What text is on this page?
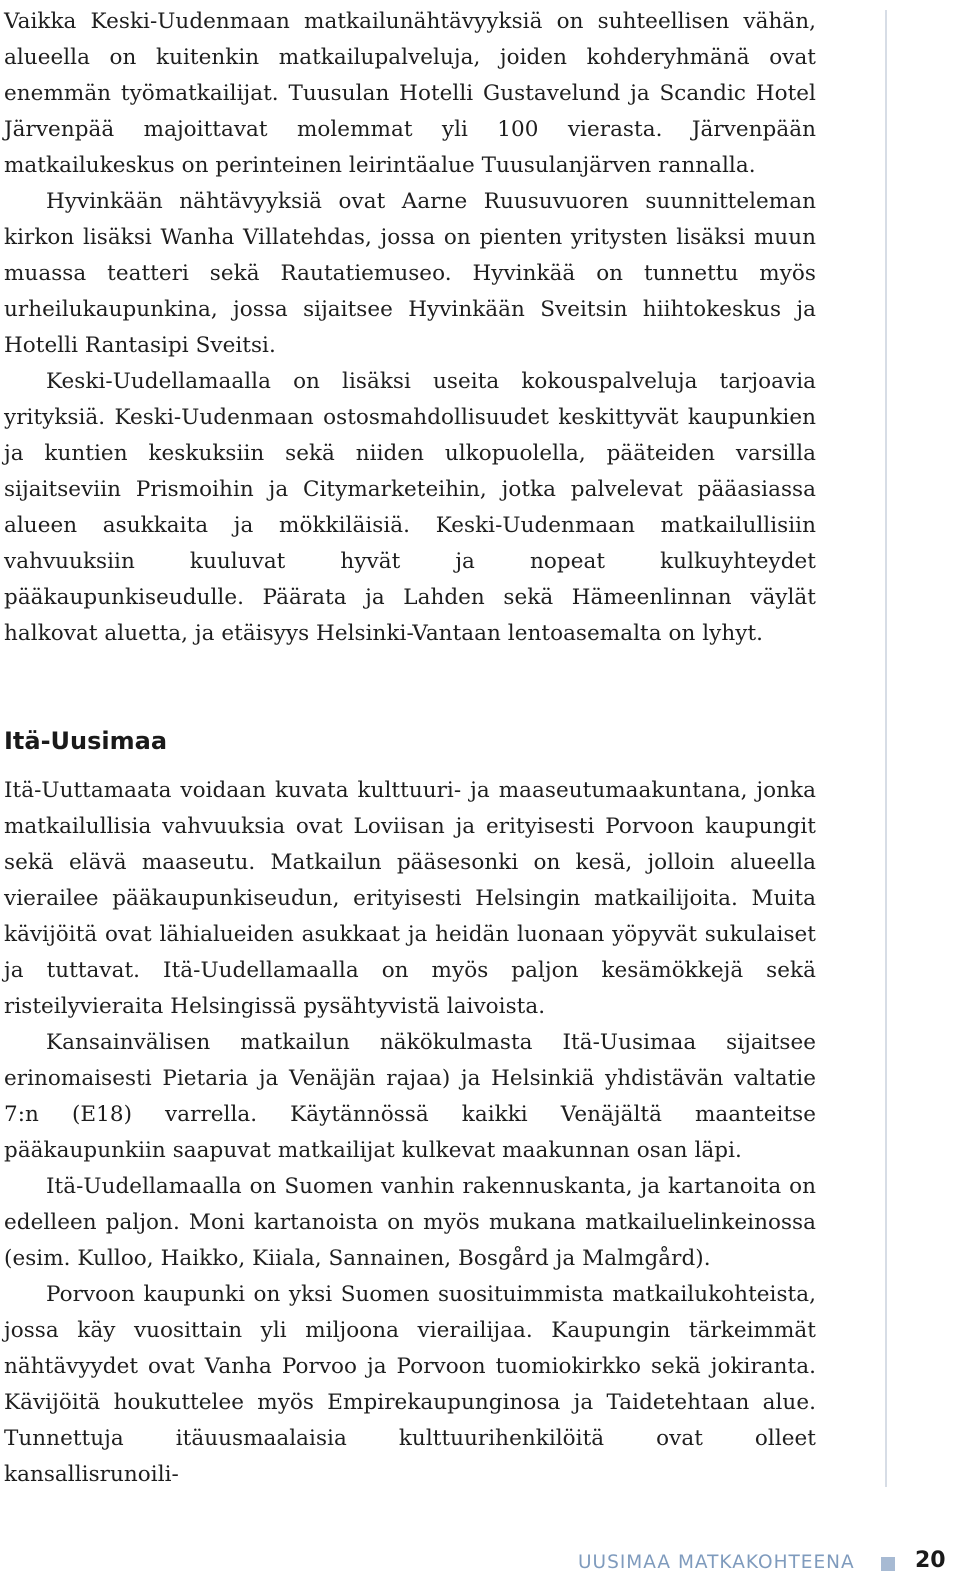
Vaikka Keski-Uudenmaan matkailunähtävyyksiä on suhteellisen vähän, alueella on kuitenkin matkailupalveluja, joiden kohderyhmänä ovat enemmän työmatkailijat. Tuusulan Hotelli Gustavelund ja Scandic Hotel Järvenpää majoittavat molemmat yli 100 vierasta. Järvenpään matkailukeskus on perinteinen leirintäalue Tuusulanjärven rannalla.

Hyvinkään nähtävyyksiä ovat Aarne Ruusuvuoren suunnitteleman kirkon lisäksi Wanha Villatehdas, jossa on pienten yritysten lisäksi muun muassa teatteri sekä Rautatiemuseo. Hyvinkää on tunnettu myös urheilukaupunkina, jossa sijaitsee Hyvinkään Sveitsin hiihtokeskus ja Hotelli Rantasipi Sveitsi.

Keski-Uudellamaalla on lisäksi useita kokouspalveluja tarjoavia yrityksiä. Keski-Uudenmaan ostosmahdollisuudet keskittyvät kaupunkien ja kuntien keskuksiin sekä niiden ulkopuolella, pääteiden varsilla sijaitseviin Prismoihin ja Citymarketeihin, jotka palvelevat pääasiassa alueen asukkaita ja mökkiläisiä. Keski-Uudenmaan matkailullisiin vahvuuksiin kuuluvat hyvät ja nopeat kulkuyhteydet pääkaupunkiseudulle. Päärata ja Lahden sekä Hämeenlinnan väylät halkovat aluetta, ja etäisyys Helsinki-Vantaan lentoasemalta on lyhyt.

Itä-Uusimaa

Itä-Uuttamaata voidaan kuvata kulttuuri- ja maaseutumaakuntana, jonka matkailullisia vahvuuksia ovat Loviisan ja erityisesti Porvoon kaupungit sekä elävä maaseutu. Matkailun pääsesonki on kesä, jolloin alueella vierailee pääkaupunkiseudun, erityisesti Helsingin matkailijoita. Muita kävijöitä ovat lähialueiden asukkaat ja heidän luonaan yöpyvät sukulaiset ja tuttavat. Itä-Uudellamaalla on myös paljon kesämökkejä sekä risteilyvieraita Helsingissä pysähtyvistä laivoista.

Kansainvälisen matkailun näkökulmasta Itä-Uusimaa sijaitsee erinomaisesti Pietaria ja Venäjän rajaa) ja Helsinkiä yhdistävän valtatie 7:n (E18) varrella. Käytännössä kaikki Venäjältä maanteitse pääkaupunkiin saapuvat matkailijat kulkevat maakunnan osan läpi.

Itä-Uudellamaalla on Suomen vanhin rakennuskanta, ja kartanoita on edelleen paljon. Moni kartanoista on myös mukana matkailuelinkeinossa (esim. Kulloo, Haikko, Kiiala, Sannainen, Bosgård ja Malmgård).

Porvoon kaupunki on yksi Suomen suosituimmista matkailukohteista, jossa käy vuosittain yli miljoona vierailijaa. Kaupungin tärkeimmät nähtävyydet ovat Vanha Porvoo ja Porvoon tuomiokirkko sekä jokiranta. Kävijöitä houkuttelee myös Empirekaupunginosa ja Taidetehtaan alue. Tunnettuja itäuusmaalaisia kulttuurihenkilöitä ovat olleet kansallisrunoili-

UUSIMAA MATKAKOHTEENA	20
